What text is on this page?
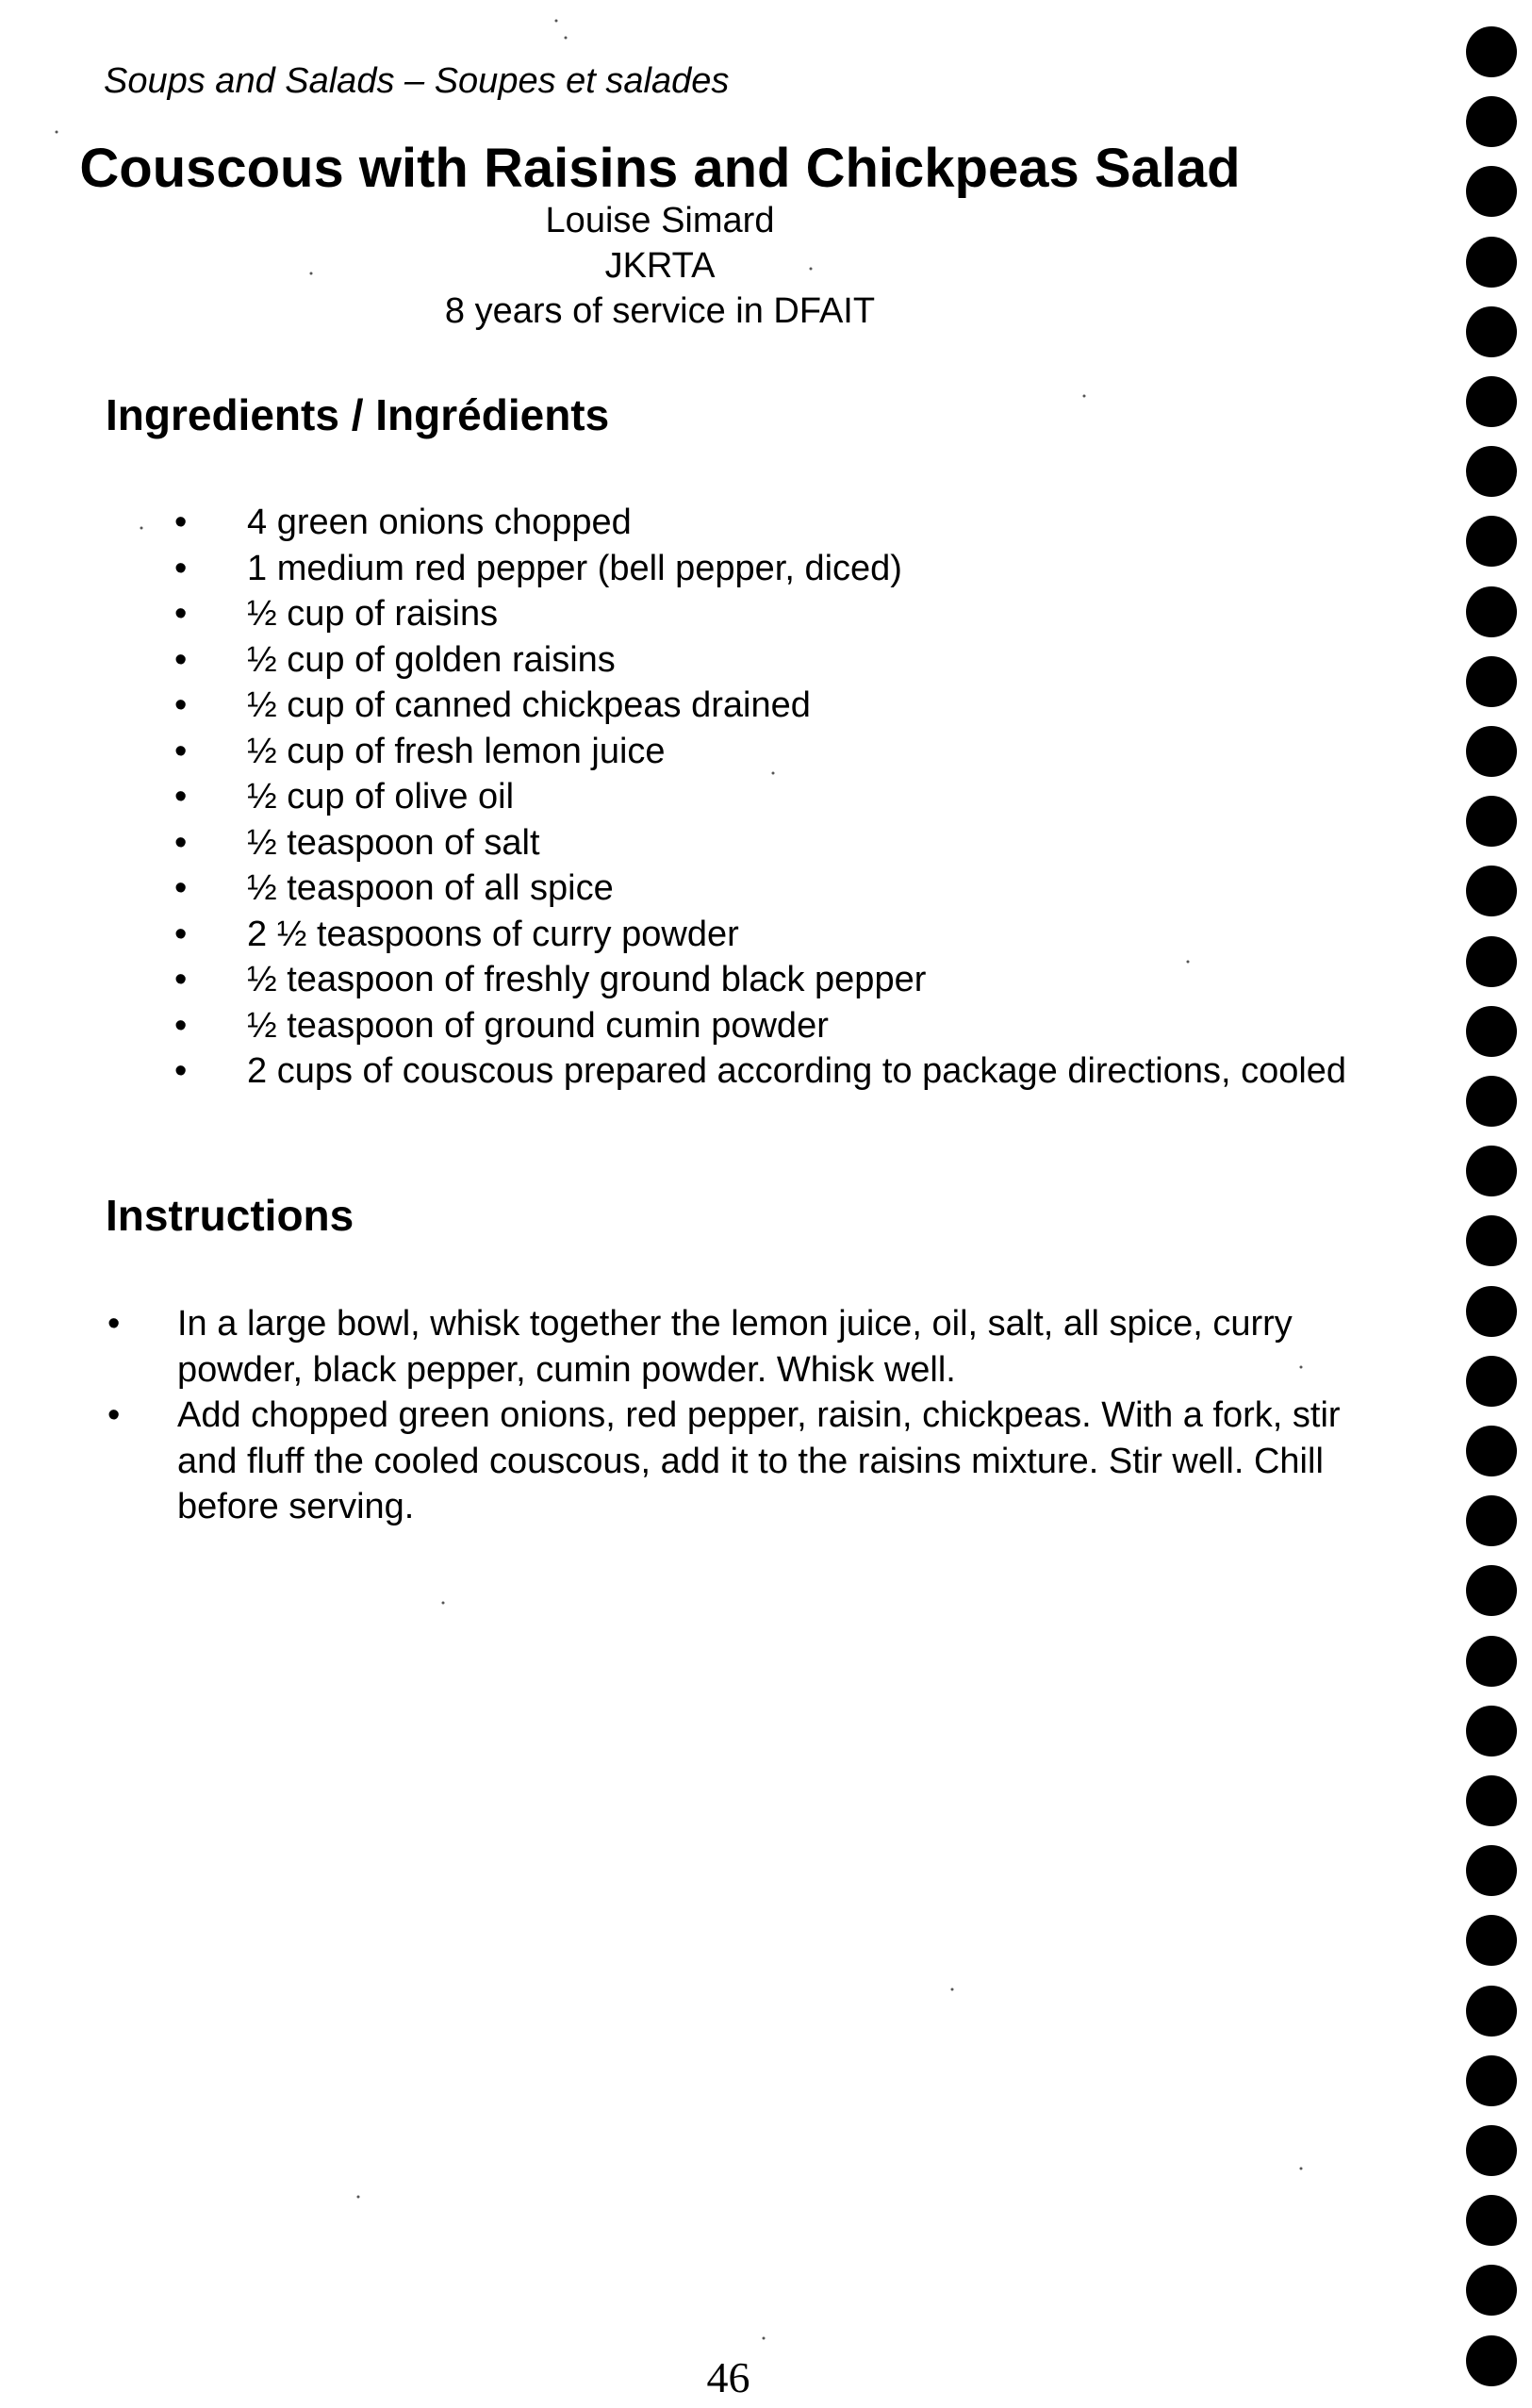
Soups and Salads – Soupes et salades
Couscous with Raisins and Chickpeas Salad
Louise Simard
JKRTA
8 years of service in DFAIT
Ingredients / Ingrédients
• 4 green onions chopped
• 1 medium red pepper (bell pepper, diced)
• ½ cup of raisins
• ½ cup of golden raisins
• ½ cup of canned chickpeas drained
• ½ cup of fresh lemon juice
• ½ cup of olive oil
• ½ teaspoon of salt
• ½ teaspoon of all spice
• 2 ½ teaspoons of curry powder
• ½ teaspoon of freshly ground black pepper
• ½ teaspoon of ground cumin powder
• 2 cups of couscous prepared according to package directions, cooled
Instructions
• In a large bowl, whisk together the lemon juice, oil, salt, all spice, curry powder, black pepper, cumin powder. Whisk well.
• Add chopped green onions, red pepper, raisin, chickpeas. With a fork, stir and fluff the cooled couscous, add it to the raisins mixture. Stir well. Chill before serving.
46
